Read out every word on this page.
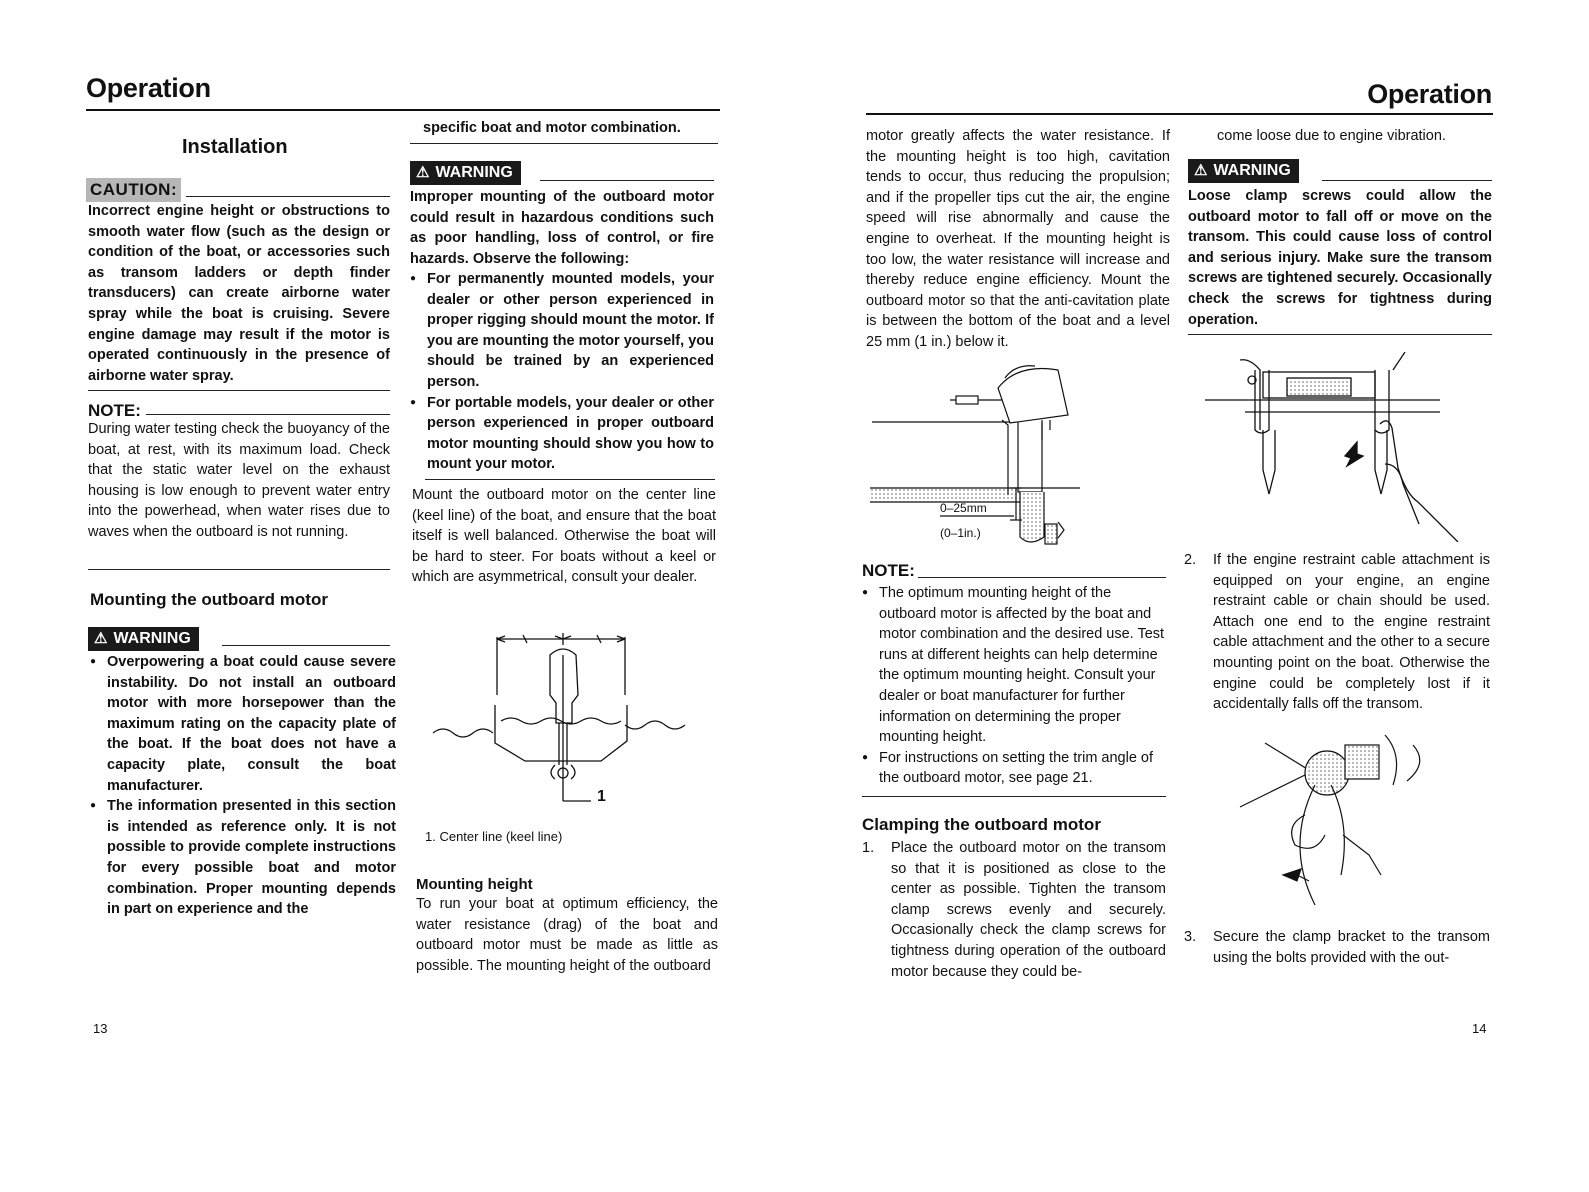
Operation
Installation
CAUTION:
Incorrect engine height or obstructions to smooth water flow (such as the design or condition of the boat, or accessories such as transom ladders or depth finder transducers) can create airborne water spray while the boat is cruising. Severe engine damage may result if the motor is operated continuously in the presence of airborne water spray.
NOTE:
During water testing check the buoyancy of the boat, at rest, with its maximum load. Check that the static water level on the exhaust housing is low enough to prevent water entry into the powerhead, when water rises due to waves when the outboard is not running.
Mounting the outboard motor
⚠ WARNING
● Overpowering a boat could cause severe instability. Do not install an outboard motor with more horsepower than the maximum rating on the capacity plate of the boat. If the boat does not have a capacity plate, consult the boat manufacturer.
● The information presented in this section is intended as reference only. It is not possible to provide complete instructions for every possible boat and motor combination. Proper mounting depends in part on experience and the
specific boat and motor combination.
⚠ WARNING
Improper mounting of the outboard motor could result in hazardous conditions such as poor handling, loss of control, or fire hazards. Observe the following:
● For permanently mounted models, your dealer or other person experienced in proper rigging should mount the motor. If you are mounting the motor yourself, you should be trained by an experienced person.
● For portable models, your dealer or other person experienced in proper outboard motor mounting should show you how to mount your motor.
Mount the outboard motor on the center line (keel line) of the boat, and ensure that the boat itself is well balanced. Otherwise the boat will be hard to steer. For boats without a keel or which are asymmetrical, consult your dealer.
1
1. Center line (keel line)
Mounting height
To run your boat at optimum efficiency, the water resistance (drag) of the boat and outboard motor must be made as little as possible. The mounting height of the outboard
13
Operation
motor greatly affects the water resistance. If the mounting height is too high, cavitation tends to occur, thus reducing the propulsion; and if the propeller tips cut the air, the engine speed will rise abnormally and cause the engine to overheat. If the mounting height is too low, the water resistance will increase and thereby reduce engine efficiency. Mount the outboard motor so that the anti-cavitation plate is between the bottom of the boat and a level 25 mm (1 in.) below it.
0–25mm
(0–1in.)
NOTE:
● The optimum mounting height of the outboard motor is affected by the boat and motor combination and the desired use. Test runs at different heights can help determine the optimum mounting height. Consult your dealer or boat manufacturer for further information on determining the proper mounting height.
● For instructions on setting the trim angle of the outboard motor, see page 21.
Clamping the outboard motor
1. Place the outboard motor on the transom so that it is positioned as close to the center as possible. Tighten the transom clamp screws evenly and securely. Occasionally check the clamp screws for tightness during operation of the outboard motor because they could be-
come loose due to engine vibration.
⚠ WARNING
Loose clamp screws could allow the outboard motor to fall off or move on the transom. This could cause loss of control and serious injury. Make sure the transom screws are tightened securely. Occasionally check the screws for tightness during operation.
2. If the engine restraint cable attachment is equipped on your engine, an engine restraint cable or chain should be used. Attach one end to the engine restraint cable attachment and the other to a secure mounting point on the boat. Otherwise the engine could be completely lost if it accidentally falls off the transom.
3. Secure the clamp bracket to the transom using the bolts provided with the out-
14
